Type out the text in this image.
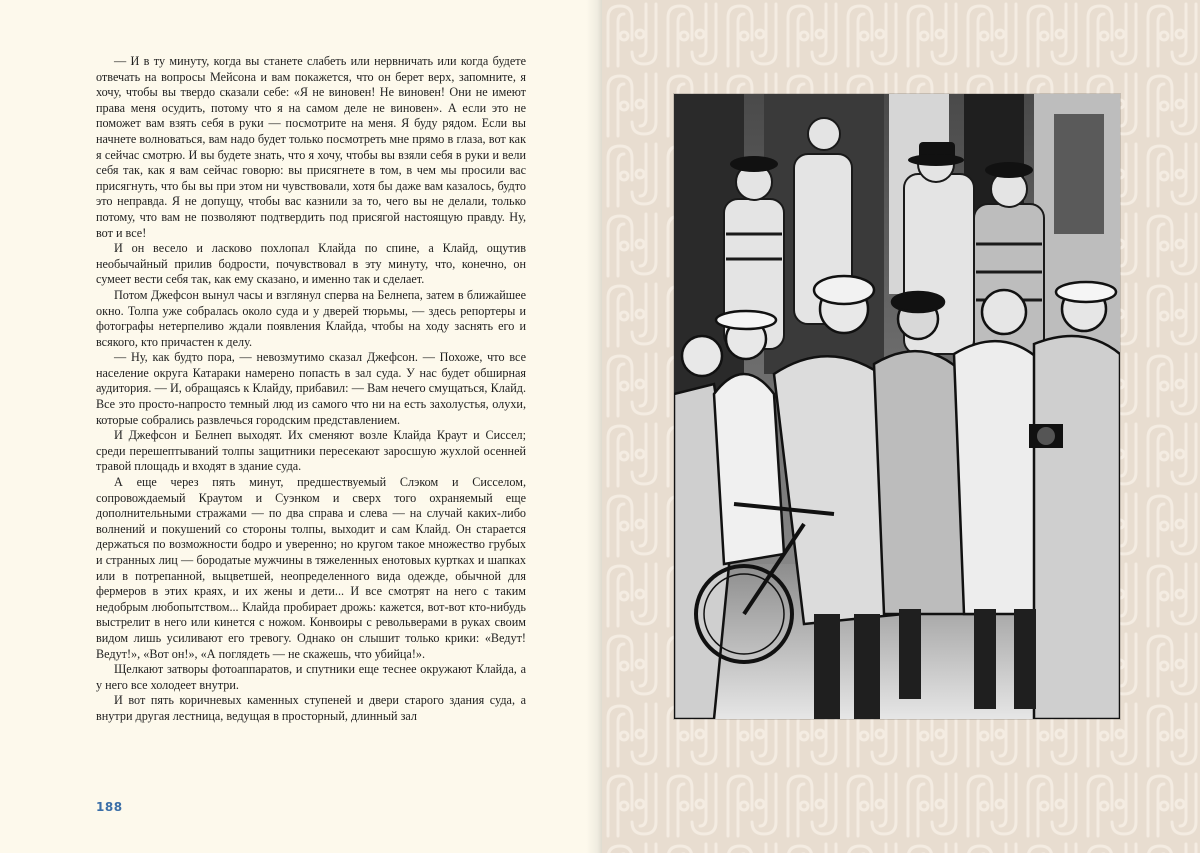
— И в ту минуту, когда вы станете слабеть или нервничать или когда будете отвечать на вопросы Мейсона и вам покажется, что он берет верх, запомните, я хочу, чтобы вы твердо сказали себе: «Я не виновен! Не виновен! Они не имеют права меня осудить, потому что я на самом деле не виновен». А если это не поможет вам взять себя в руки — посмотрите на меня. Я буду рядом. Если вы начнете волноваться, вам надо будет только посмотреть мне прямо в глаза, вот как я сейчас смотрю. И вы будете знать, что я хочу, чтобы вы взяли себя в руки и вели себя так, как я вам сейчас говорю: вы присягнете в том, в чем мы просили вас присягнуть, что бы вы при этом ни чувствовали, хотя бы даже вам казалось, будто это неправда. Я не допущу, чтобы вас казнили за то, чего вы не делали, только потому, что вам не позволяют подтвердить под присягой настоящую правду. Ну, вот и все!

И он весело и ласково похлопал Клайда по спине, а Клайд, ощутив необычайный прилив бодрости, почувствовал в эту минуту, что, конечно, он сумеет вести себя так, как ему сказано, и именно так и сделает.

Потом Джефсон вынул часы и взглянул сперва на Белнепа, затем в ближайшее окно. Толпа уже собралась около суда и у дверей тюрьмы, — здесь репортеры и фотографы нетерпеливо ждали появления Клайда, чтобы на ходу заснять его и всякого, кто причастен к делу.

— Ну, как будто пора, — невозмутимо сказал Джефсон. — Похоже, что все население округа Катараки намерено попасть в зал суда. У нас будет обширная аудитория. — И, обращаясь к Клайду, прибавил: — Вам нечего смущаться, Клайд. Все это просто-напросто темный люд из самого что ни на есть захолустья, олухи, которые собрались развлечься городским представлением.

И Джефсон и Белнеп выходят. Их сменяют возле Клайда Краут и Сиссел; среди перешептываний толпы защитники пересекают заросшую жухлой осенней травой площадь и входят в здание суда.

А еще через пять минут, предшествуемый Слэком и Сисселом, сопровождаемый Краутом и Суэнком и сверх того охраняемый еще дополнительными стражами — по два справа и слева — на случай каких-либо волнений и покушений со стороны толпы, выходит и сам Клайд. Он старается держаться по возможности бодро и уверенно; но кругом такое множество грубых и странных лиц — бородатые мужчины в тяжеленных енотовых куртках и шапках или в потрепанной, выцветшей, неопределенного вида одежде, обычной для фермеров в этих краях, и их жены и дети... И все смотрят на него с таким недобрым любопытством... Клайда пробирает дрожь: кажется, вот-вот кто-нибудь выстрелит в него или кинется с ножом. Конвоиры с револьверами в руках своим видом лишь усиливают его тревогу. Однако он слышит только крики: «Ведут! Ведут!», «Вот он!», «А поглядеть — не скажешь, что убийца!».

Щелкают затворы фотоаппаратов, и спутники еще теснее окружают Клайда, а у него все холодеет внутри.

И вот пять коричневых каменных ступеней и двери старого здания суда, а внутри другая лестница, ведущая в просторный, длинный зал

188
